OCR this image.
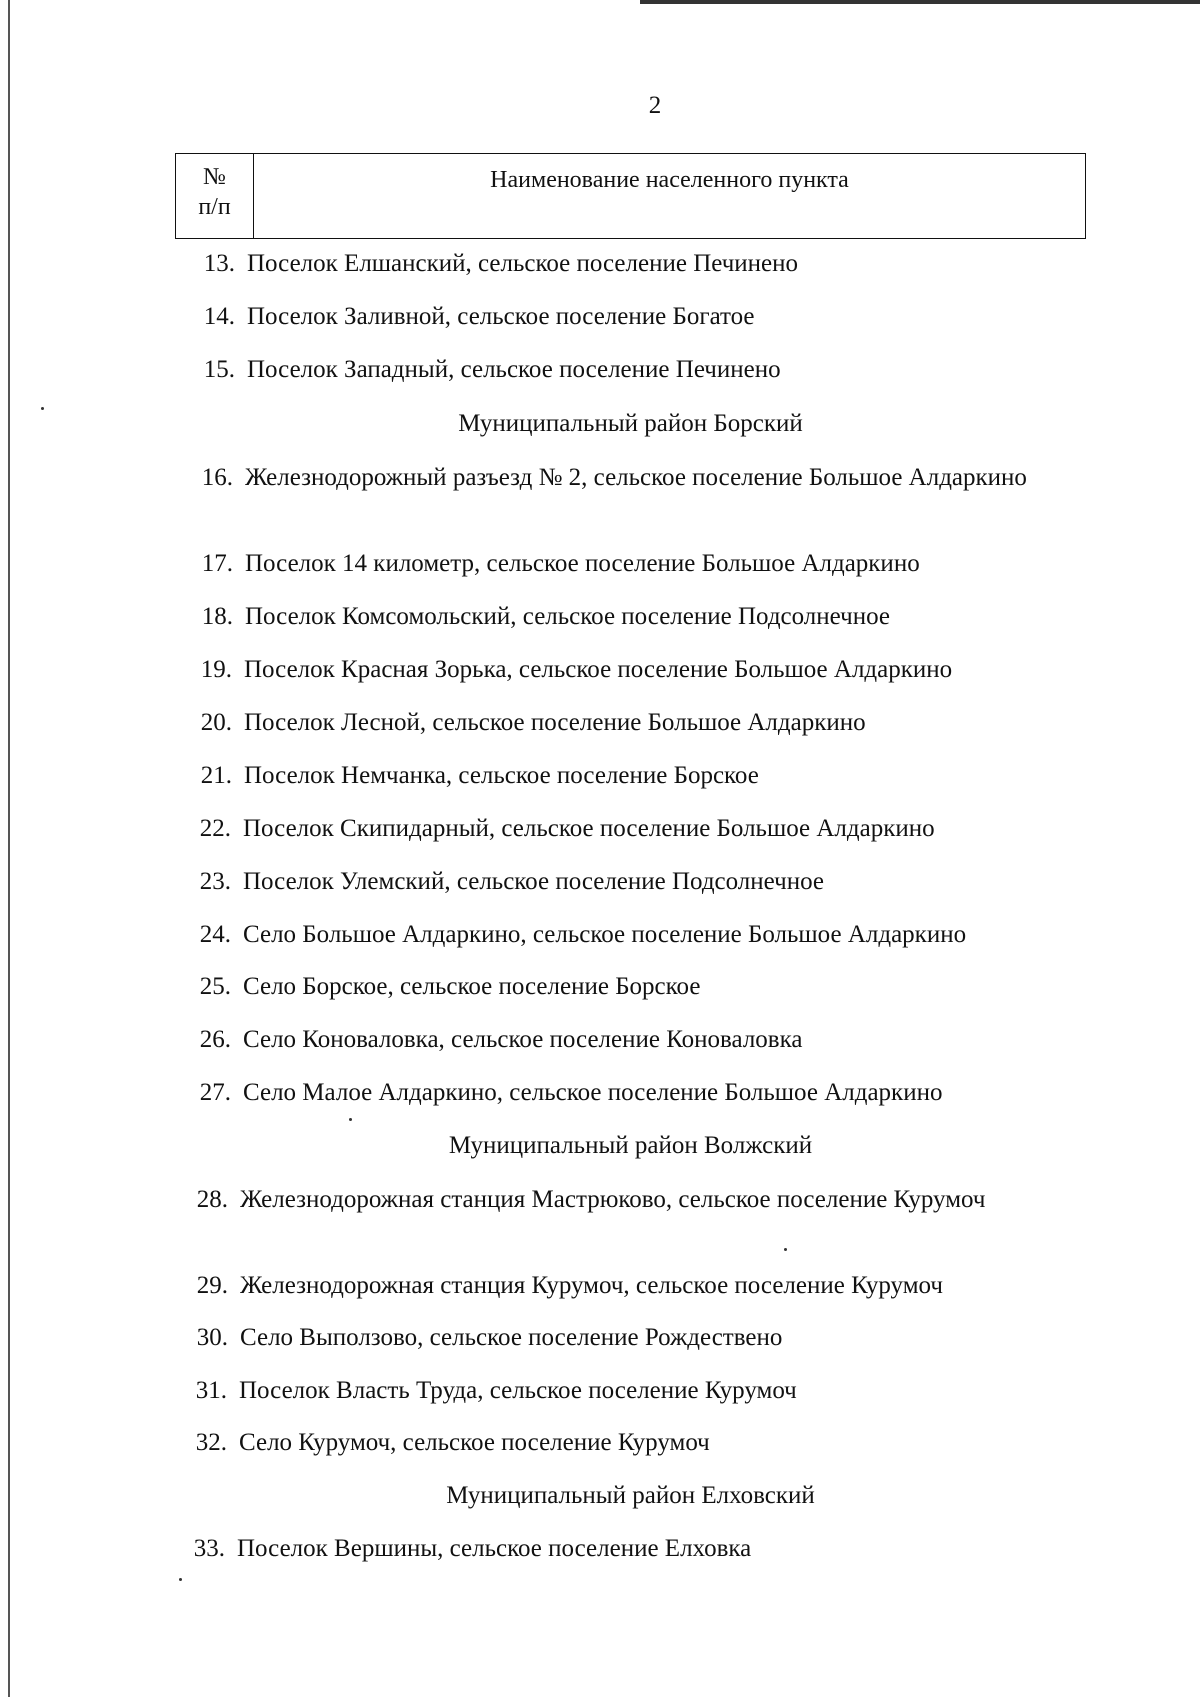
2
№
п/п
Наименование населенного пункта
13. Поселок Елшанский, сельское поселение Печинено
14. Поселок Заливной, сельское поселение Богатое
15. Поселок Западный, сельское поселение Печинено
Муниципальный район Борский
16. Железнодорожный разъезд № 2, сельское поселение Большое Алдаркино
17. Поселок 14 километр, сельское поселение Большое Алдаркино
18. Поселок Комсомольский, сельское поселение Подсолнечное
19. Поселок Красная Зорька, сельское поселение Большое Алдаркино
20. Поселок Лесной, сельское поселение Большое Алдаркино
21. Поселок Немчанка, сельское поселение Борское
22. Поселок Скипидарный, сельское поселение Большое Алдаркино
23. Поселок Улемский, сельское поселение Подсолнечное
24. Село Большое Алдаркино, сельское поселение Большое Алдаркино
25. Село Борское, сельское поселение Борское
26. Село Коноваловка, сельское поселение Коноваловка
27. Село Малое Алдаркино, сельское поселение Большое Алдаркино
Муниципальный район Волжский
28. Железнодорожная станция Мастрюково, сельское поселение Курумоч
29. Железнодорожная станция Курумоч, сельское поселение Курумоч
30. Село Выползово, сельское поселение Рождествено
31. Поселок Власть Труда, сельское поселение Курумоч
32. Село Курумоч, сельское поселение Курумоч
Муниципальный район Елховский
33. Поселок Вершины, сельское поселение Елховка
